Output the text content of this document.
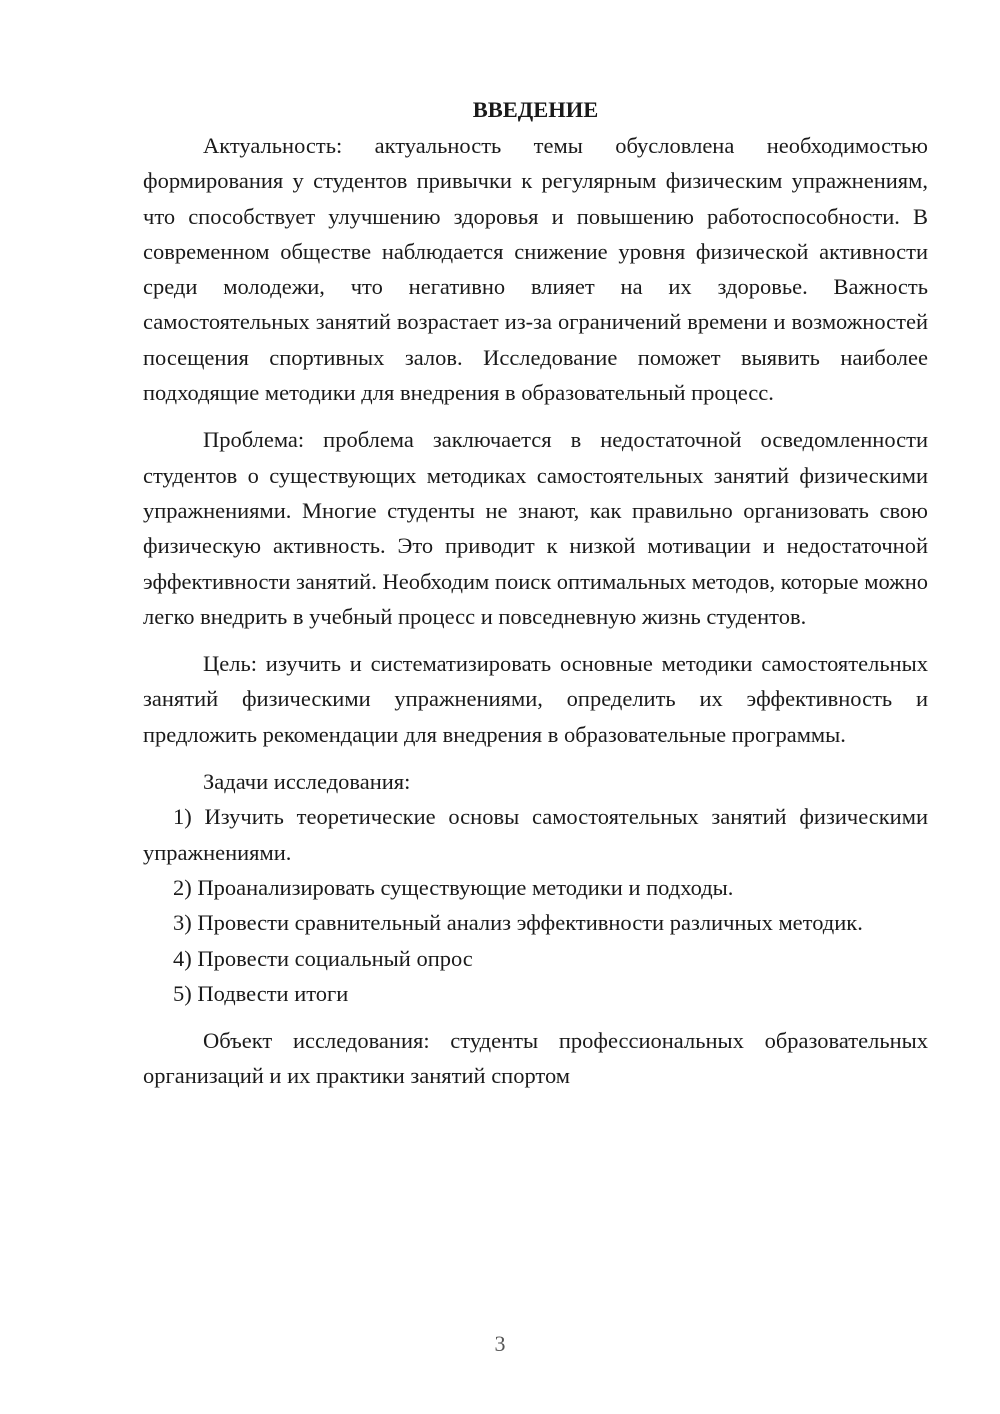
ВВЕДЕНИЕ

Актуальность: актуальность темы обусловлена необходимостью формирования у студентов привычки к регулярным физическим упражнениям, что способствует улучшению здоровья и повышению работоспособности. В современном обществе наблюдается снижение уровня физической активности среди молодежи, что негативно влияет на их здоровье. Важность самостоятельных занятий возрастает из-за ограничений времени и возможностей посещения спортивных залов. Исследование поможет выявить наиболее подходящие методики для внедрения в образовательный процесс.

Проблема: проблема заключается в недостаточной осведомленности студентов о существующих методиках самостоятельных занятий физическими упражнениями. Многие студенты не знают, как правильно организовать свою физическую активность. Это приводит к низкой мотивации и недостаточной эффективности занятий. Необходим поиск оптимальных методов, которые можно легко внедрить в учебный процесс и повседневную жизнь студентов.

Цель: изучить и систематизировать основные методики самостоятельных занятий физическими упражнениями, определить их эффективность и предложить рекомендации для внедрения в образовательные программы.

Задачи исследования:

1) Изучить теоретические основы самостоятельных занятий физическими упражнениями.

2) Проанализировать существующие методики и подходы.

3) Провести сравнительный анализ эффективности различных методик.

4) Провести социальный опрос

5) Подвести итоги

Объект исследования: студенты профессиональных образовательных организаций и их практики занятий спортом

3
